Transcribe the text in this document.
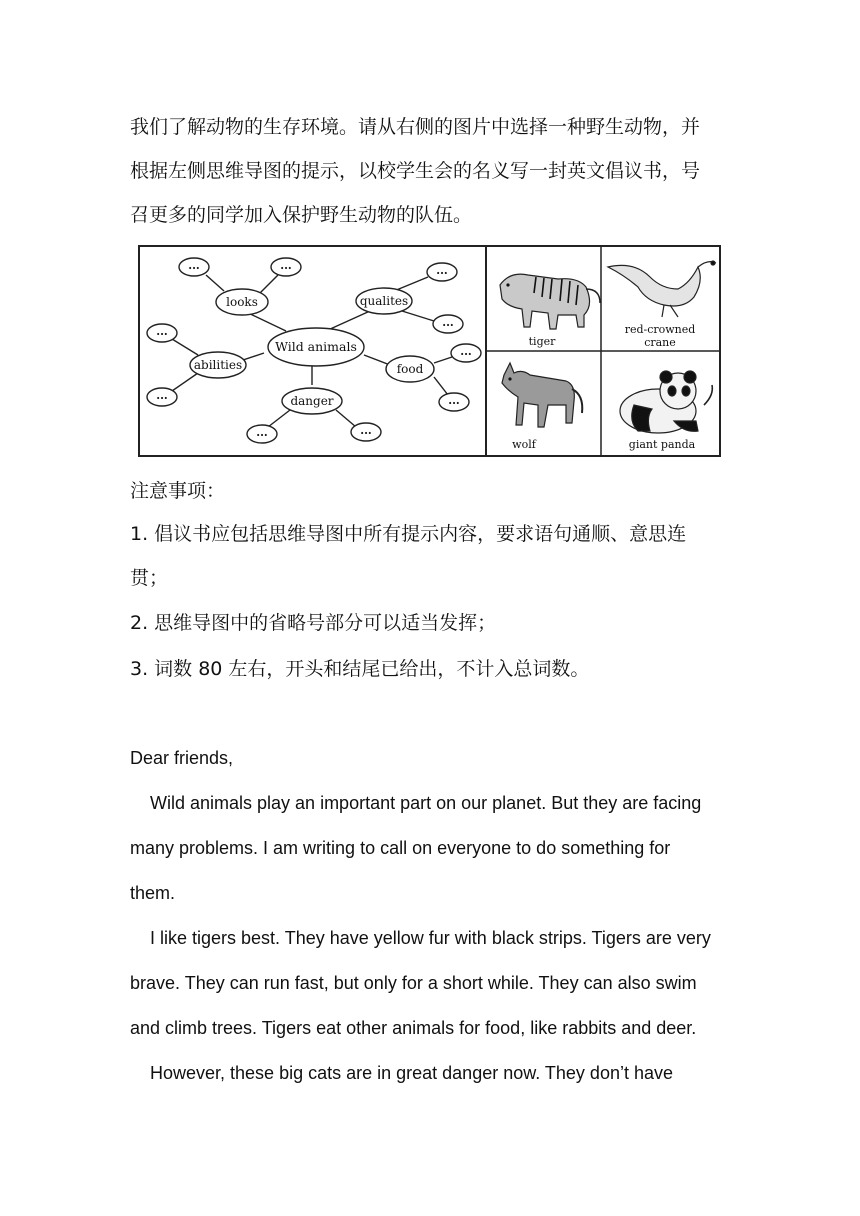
我们了解动物的生存环境。请从右侧的图片中选择一种野生动物，并
根据左侧思维导图的提示，以校学生会的名义写一封英文倡议书，号
召更多的同学加入保护野生动物的队伍。
Wild animals
looks	qualites
abilities	food
danger
...	...	...
...
...
...
...
...
...	...
tiger
red-crowned
crane
wolf	giant panda
注意事项：
1. 倡议书应包括思维导图中所有提示内容，要求语句通顺、意思连
贯；
2. 思维导图中的省略号部分可以适当发挥；
3. 词数 80 左右，开头和结尾已给出，不计入总词数。
Dear friends,
Wild animals play an important part on our planet. But they are facing
many problems. I am writing to call on everyone to do something for
them.
I like tigers best. They have yellow fur with black strips. Tigers are very
brave. They can run fast, but only for a short while. They can also swim
and climb trees. Tigers eat other animals for food, like rabbits and deer.
However, these big cats are in great danger now. They don’t have
